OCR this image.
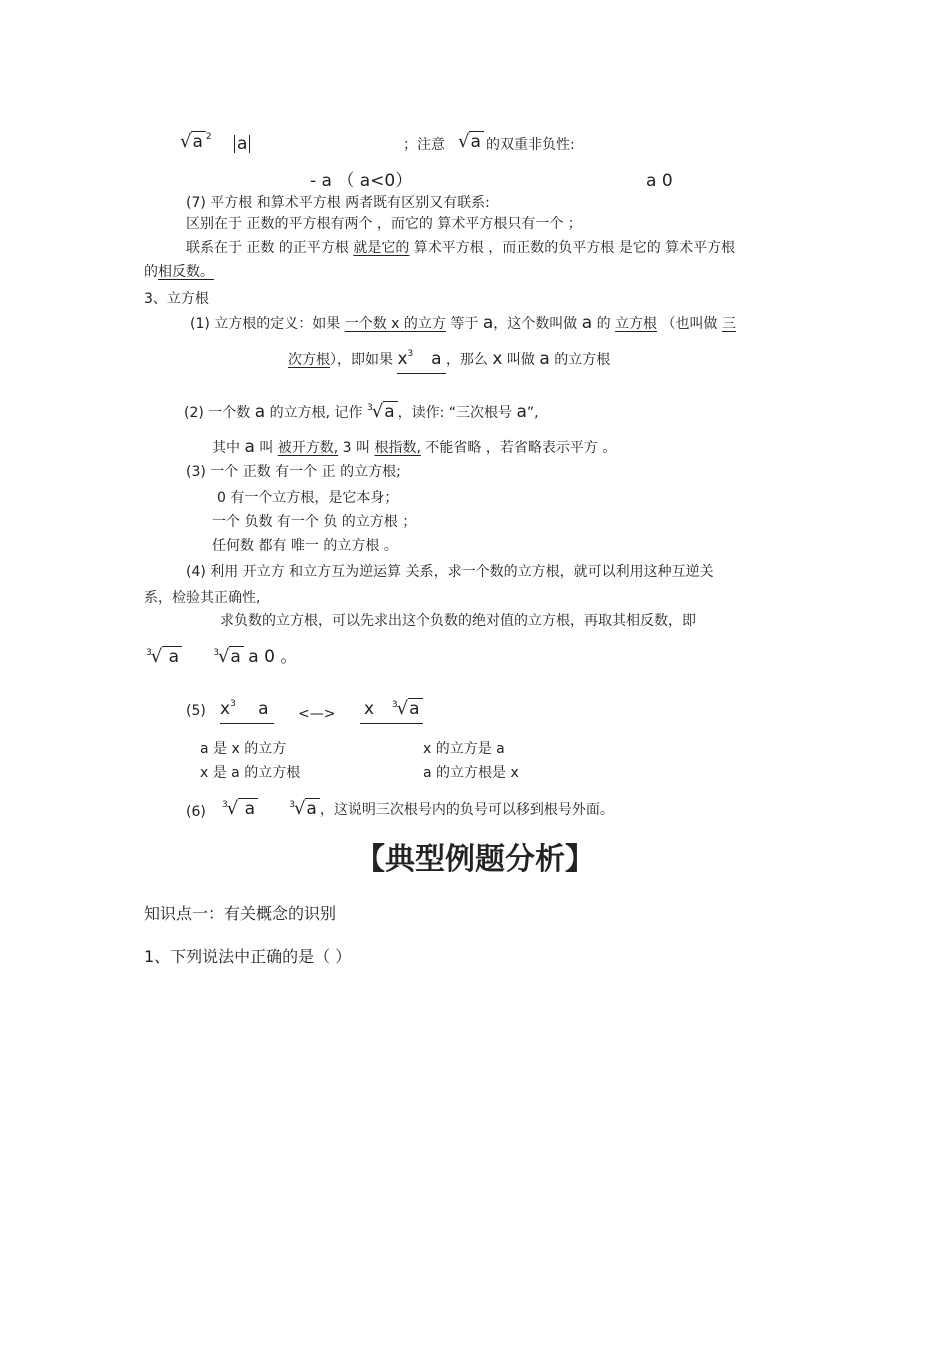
√a $^2$ a	；注意 √a 的双重非负性:
- a （ a<0）	a 0
(7) 平方根 和算术平方根 两者既有区别又有联系:
区别在于 正数的平方根有两个 ，而它的 算术平方根只有一个 ；
联系在于 正数 的正平方根 就是它的 算术平方根 ，而正数的负平方根 是它的 算术平方根
的相反数。
3、立方根
(1) 立方根的定义：如果 一个数 x 的立方 等于 a，这个数叫做 a 的 立方根 （也叫做 三
次方根），即如果 $x^3$ a ，那么 x 叫做 a 的立方根
(2) 一个数 a 的立方根, 记作 $^3$√a ，读作: “三次根号 a”,
其中 a 叫 被开方数, 3 叫 根指数, 不能省略 ，若省略表示平方 。
(3) 一个 正数 有一个 正 的立方根;
0 有一个立方根，是它本身；
一个 负数 有一个 负 的立方根 ；
任何数 都有 唯一 的立方根 。
(4) 利用 开立方 和立方互为逆运算 关系，求一个数的立方根，就可以利用这种互逆关
系，检验其正确性,
求负数的立方根，可以先求出这个负数的绝对值的立方根，再取其相反数，即
$^3$√ a	$^3$√a a 0 。
(5) $x^3$ a	<—> x $^3$√a
a 是 x 的立方	x 的立方是 a
x 是 a 的立方根	a 的立方根是 x
(6) $^3$√ a	$^3$√a ，这说明三次根号内的负号可以移到根号外面。
【典型例题分析】
知识点一：有关概念的识别
1、下列说法中正确的是（ ）
